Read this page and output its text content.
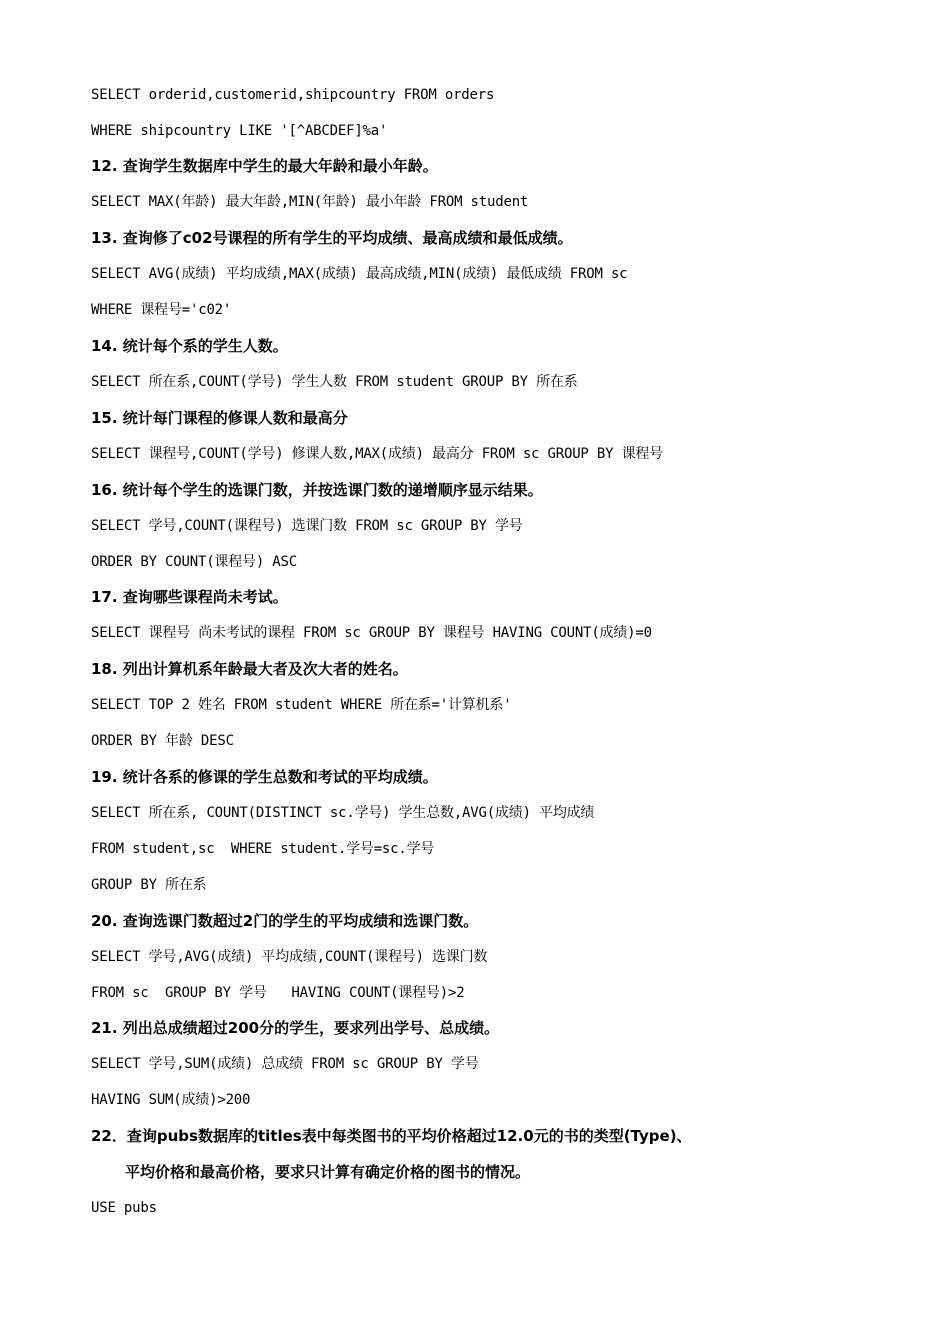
SELECT orderid,customerid,shipcountry FROM orders
WHERE shipcountry LIKE '[^ABCDEF]%a'
12. 查询学生数据库中学生的最大年龄和最小年龄。
SELECT MAX(年龄) 最大年龄,MIN(年龄) 最小年龄 FROM student
13. 查询修了c02号课程的所有学生的平均成绩、最高成绩和最低成绩。
SELECT AVG(成绩) 平均成绩,MAX(成绩) 最高成绩,MIN(成绩) 最低成绩 FROM sc
WHERE 课程号='c02'
14. 统计每个系的学生人数。
SELECT 所在系,COUNT(学号) 学生人数 FROM student GROUP BY 所在系
15. 统计每门课程的修课人数和最高分
SELECT 课程号,COUNT(学号) 修课人数,MAX(成绩) 最高分 FROM sc GROUP BY 课程号
16. 统计每个学生的选课门数，并按选课门数的递增顺序显示结果。
SELECT 学号,COUNT(课程号) 选课门数 FROM sc GROUP BY 学号
ORDER BY COUNT(课程号) ASC
17. 查询哪些课程尚未考试。
SELECT 课程号 尚未考试的课程 FROM sc GROUP BY 课程号 HAVING COUNT(成绩)=0
18. 列出计算机系年龄最大者及次大者的姓名。
SELECT TOP 2 姓名 FROM student WHERE 所在系='计算机系'
ORDER BY 年龄 DESC
19. 统计各系的修课的学生总数和考试的平均成绩。
SELECT 所在系, COUNT(DISTINCT sc.学号) 学生总数,AVG(成绩) 平均成绩
FROM student,sc  WHERE student.学号=sc.学号
GROUP BY 所在系
20. 查询选课门数超过2门的学生的平均成绩和选课门数。
SELECT 学号,AVG(成绩) 平均成绩,COUNT(课程号) 选课门数
FROM sc  GROUP BY 学号   HAVING COUNT(课程号)>2
21. 列出总成绩超过200分的学生，要求列出学号、总成绩。
SELECT 学号,SUM(成绩) 总成绩 FROM sc GROUP BY 学号
HAVING SUM(成绩)>200
22．查询pubs数据库的titles表中每类图书的平均价格超过12.0元的书的类型(Type)、
平均价格和最高价格，要求只计算有确定价格的图书的情况。
USE pubs
